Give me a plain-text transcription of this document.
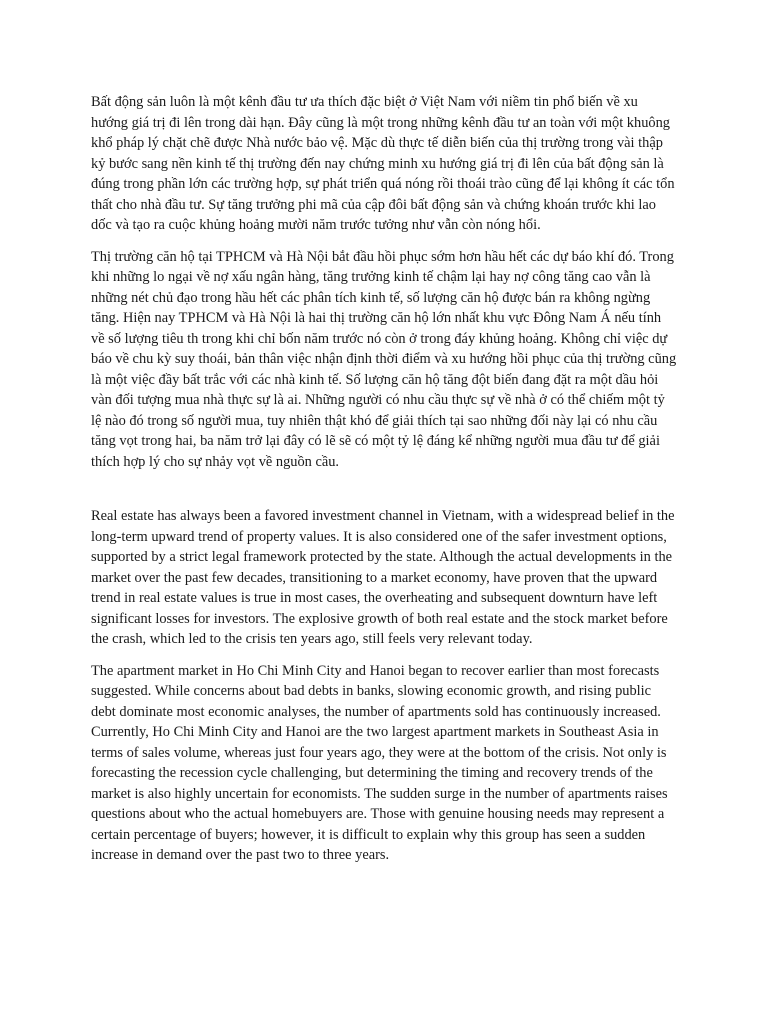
Bất động sản luôn là một kênh đầu tư ưa thích đặc biệt ở Việt Nam với niềm tin phổ biến về xu hướng giá trị đi lên trong dài hạn. Đây cũng là một trong những kênh đầu tư an toàn với một khuông khổ pháp lý chặt chẽ được Nhà nước bảo vệ. Mặc dù thực tế diễn biến của thị trường trong vài thập kỷ bước sang nền kinh tế thị trường đến nay chứng minh xu hướng giá trị đi lên của bất động sản là đúng trong phần lớn các trường hợp, sự phát triển quá nóng rồi thoái trào cũng để lại không ít các tổn thất cho nhà đầu tư. Sự tăng trưởng phi mã của cập đôi bất động sản và chứng khoán trước khi lao dốc và tạo ra cuộc khủng hoảng mười năm trước tưởng như vẫn còn nóng hổi.

Thị trường căn hộ tại TPHCM và Hà Nội bắt đầu hồi phục sớm hơn hầu hết các dự báo khí đó. Trong khi những lo ngại về nợ xấu ngân hàng, tăng trưởng kinh tế chậm lại hay nợ công tăng cao vẫn là những nét chủ đạo trong hầu hết các phân tích kinh tế, số lượng căn hộ được bán ra không ngừng tăng. Hiện nay TPHCM và Hà Nội là hai thị trường căn hộ lớn nhất khu vực Đông Nam Á nếu tính về số lượng tiêu th trong khi chỉ bốn năm trước nó còn ở trong đáy khủng hoảng. Không chỉ việc dự báo về chu kỳ suy thoái, bản thân việc nhận định thời điểm và xu hướng hồi phục của thị trường cũng là một việc đầy bất trắc với các nhà kinh tế. Số lượng căn hộ tăng đột biến đang đặt ra một dầu hỏi vàn đối tượng mua nhà thực sự là ai. Những người có nhu cầu thực sự về nhà ở có thể chiếm một tỷ lệ nào đó trong số người mua, tuy nhiên thật khó để giải thích tại sao những đối này lại có nhu cầu tăng vọt trong hai, ba năm trở lại đây có lẽ sẽ có một tỷ lệ đáng kể những người mua đầu tư để giải thích hợp lý cho sự nhảy vọt về nguồn cầu.

Real estate has always been a favored investment channel in Vietnam, with a widespread belief in the long-term upward trend of property values. It is also considered one of the safer investment options, supported by a strict legal framework protected by the state. Although the actual developments in the market over the past few decades, transitioning to a market economy, have proven that the upward trend in real estate values is true in most cases, the overheating and subsequent downturn have left significant losses for investors. The explosive growth of both real estate and the stock market before the crash, which led to the crisis ten years ago, still feels very relevant today.

The apartment market in Ho Chi Minh City and Hanoi began to recover earlier than most forecasts suggested. While concerns about bad debts in banks, slowing economic growth, and rising public debt dominate most economic analyses, the number of apartments sold has continuously increased. Currently, Ho Chi Minh City and Hanoi are the two largest apartment markets in Southeast Asia in terms of sales volume, whereas just four years ago, they were at the bottom of the crisis. Not only is forecasting the recession cycle challenging, but determining the timing and recovery trends of the market is also highly uncertain for economists. The sudden surge in the number of apartments raises questions about who the actual homebuyers are. Those with genuine housing needs may represent a certain percentage of buyers; however, it is difficult to explain why this group has seen a sudden increase in demand over the past two to three years.
